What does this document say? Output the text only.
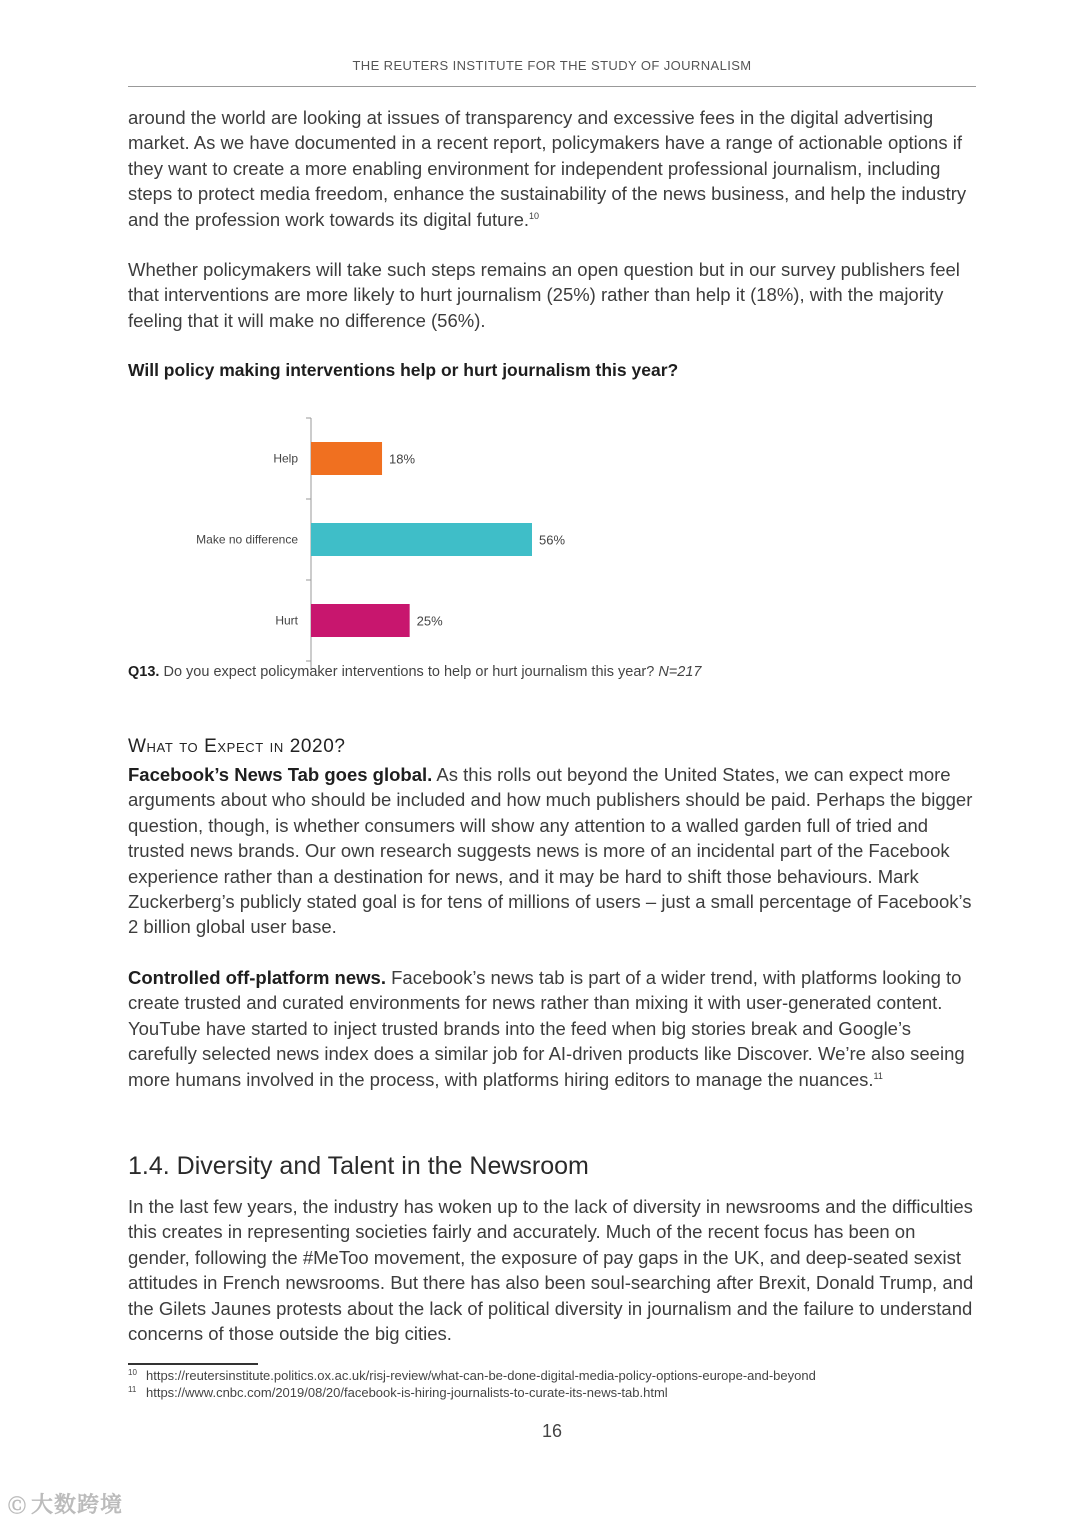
THE REUTERS INSTITUTE FOR THE STUDY OF JOURNALISM

around the world are looking at issues of transparency and excessive fees in the digital advertising market. As we have documented in a recent report, policymakers have a range of actionable options if they want to create a more enabling environment for independent professional journalism, including steps to protect media freedom, enhance the sustainability of the news business, and help the industry and the profession work towards its digital future.$^{10}$

Whether policymakers will take such steps remains an open question but in our survey publishers feel that interventions are more likely to hurt journalism (25%) rather than help it (18%), with the majority feeling that it will make no difference (56%).

Will policy making interventions help or hurt journalism this year?
Help	18%
Make no difference	56%
Hurt	25%
Q13. Do you expect policymaker interventions to help or hurt journalism this year? N=217
What to Expect in 2020?

Facebook’s News Tab goes global. As this rolls out beyond the United States, we can expect more arguments about who should be included and how much publishers should be paid. Perhaps the bigger question, though, is whether consumers will show any attention to a walled garden full of tried and trusted news brands. Our own research suggests news is more of an incidental part of the Facebook experience rather than a destination for news, and it may be hard to shift those behaviours. Mark Zuckerberg’s publicly stated goal is for tens of millions of users – just a small percentage of Facebook’s 2 billion global user base.

Controlled off-platform news. Facebook’s news tab is part of a wider trend, with platforms looking to create trusted and curated environments for news rather than mixing it with user-generated content. YouTube have started to inject trusted brands into the feed when big stories break and Google’s carefully selected news index does a similar job for AI-driven products like Discover. We’re also seeing more humans involved in the process, with platforms hiring editors to manage the nuances.$^{11}$

1.4. Diversity and Talent in the Newsroom

In the last few years, the industry has woken up to the lack of diversity in newsrooms and the difficulties this creates in representing societies fairly and accurately. Much of the recent focus has been on gender, following the #MeToo movement, the exposure of pay gaps in the UK, and deep-seated sexist attitudes in French newsrooms. But there has also been soul-searching after Brexit, Donald Trump, and the Gilets Jaunes protests about the lack of political diversity in journalism and the failure to understand concerns of those outside the big cities.

10 https://reutersinstitute.politics.ox.ac.uk/risj-review/what-can-be-done-digital-media-policy-options-europe-and-beyond
11 https://www.cnbc.com/2019/08/20/facebook-is-hiring-journalists-to-curate-its-news-tab.html
16
Ⓒ 大数跨境
